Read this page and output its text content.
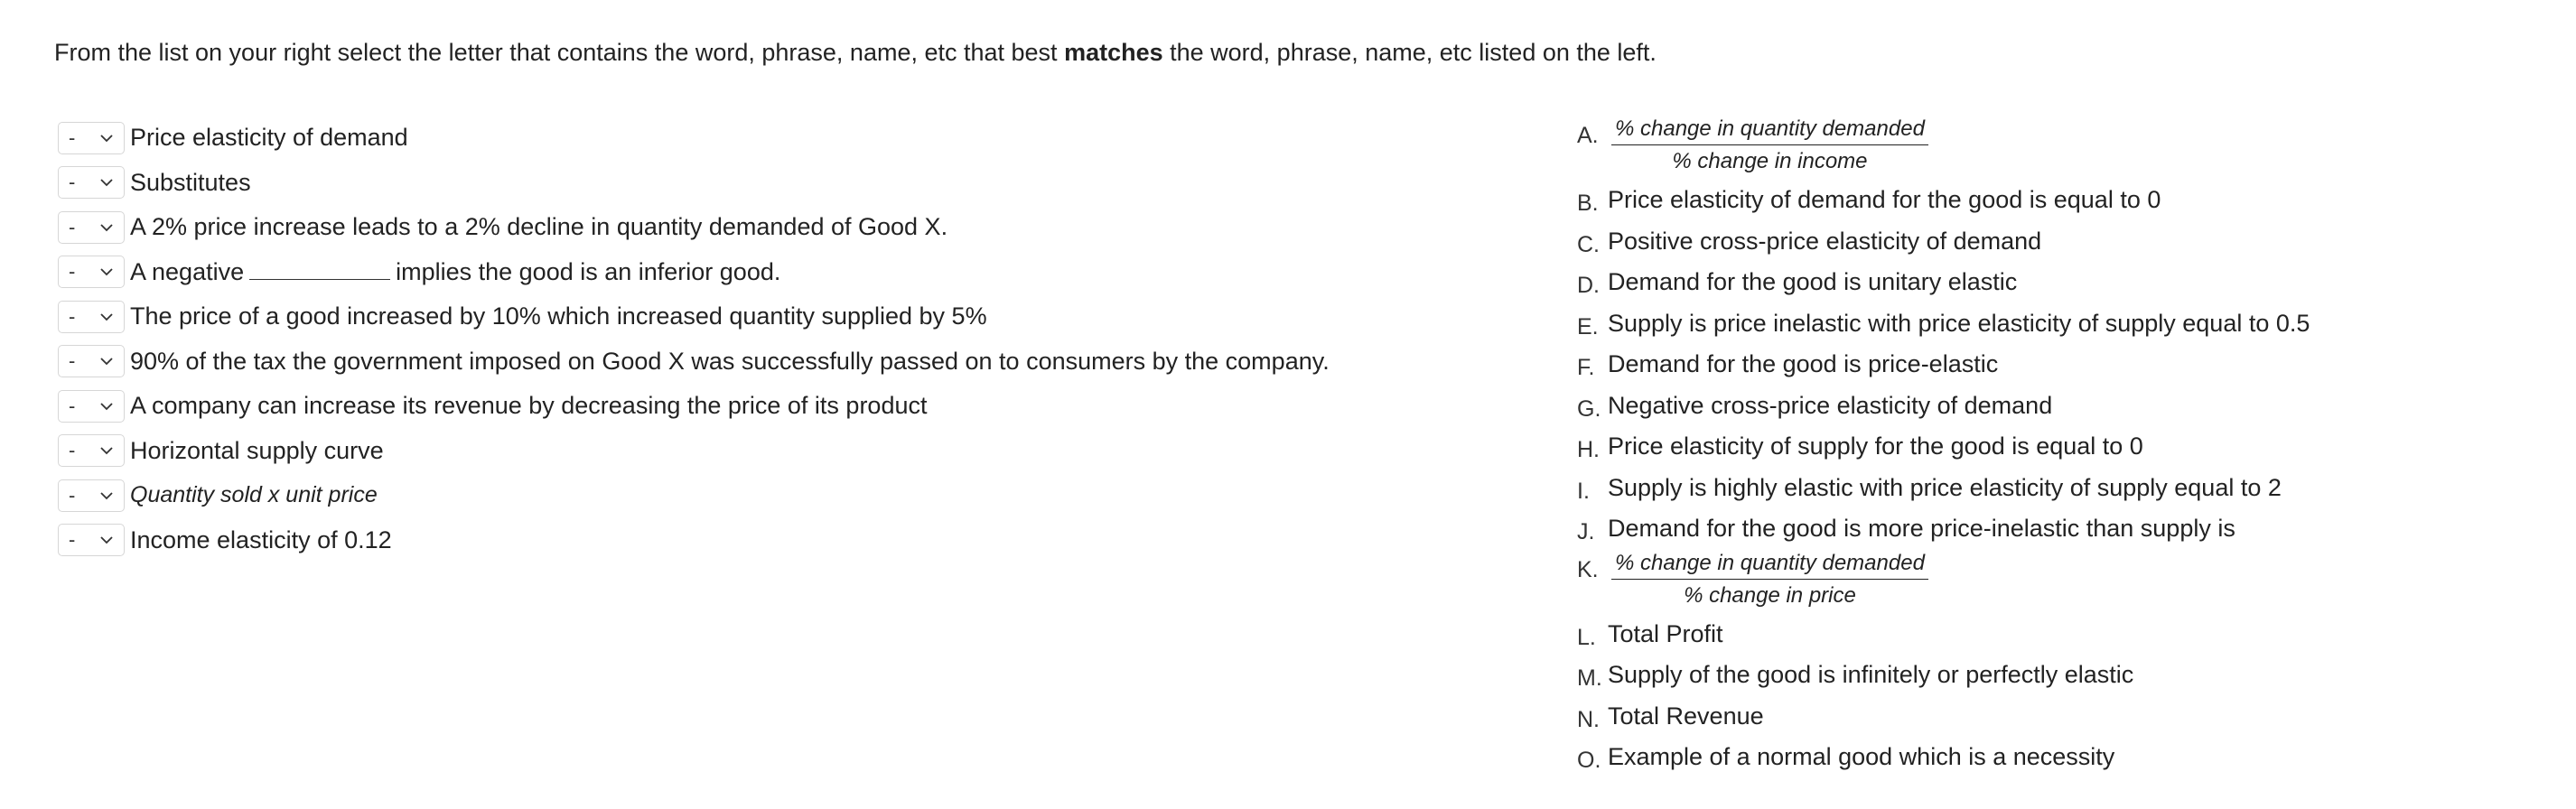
From the list on your right select the letter that contains the word, phrase, name, etc that best matches the word, phrase, name, etc listed on the left.
- Price elasticity of demand
- Substitutes
- A 2% price increase leads to a 2% decline in quantity demanded of Good X.
- A negative	implies the good is an inferior good.
- The price of a good increased by 10% which increased quantity supplied by 5%
- 90% of the tax the government imposed on Good X was successfully passed on to consumers by the company.
- A company can increase its revenue by decreasing the price of its product
- Horizontal supply curve
- Quantity sold x unit price
- Income elasticity of 0.12
A. $\frac{\text{\% change in quantity demanded}}{\text{\% change in income}}$
B. Price elasticity of demand for the good is equal to 0
C. Positive cross-price elasticity of demand
D. Demand for the good is unitary elastic
E. Supply is price inelastic with price elasticity of supply equal to 0.5
F. Demand for the good is price-elastic
G. Negative cross-price elasticity of demand
H. Price elasticity of supply for the good is equal to 0
I. Supply is highly elastic with price elasticity of supply equal to 2
J. Demand for the good is more price-inelastic than supply is
K. $\frac{\text{\% change in quantity demanded}}{\text{\% change in price}}$
L. Total Profit
M. Supply of the good is infinitely or perfectly elastic
N. Total Revenue
O. Example of a normal good which is a necessity
